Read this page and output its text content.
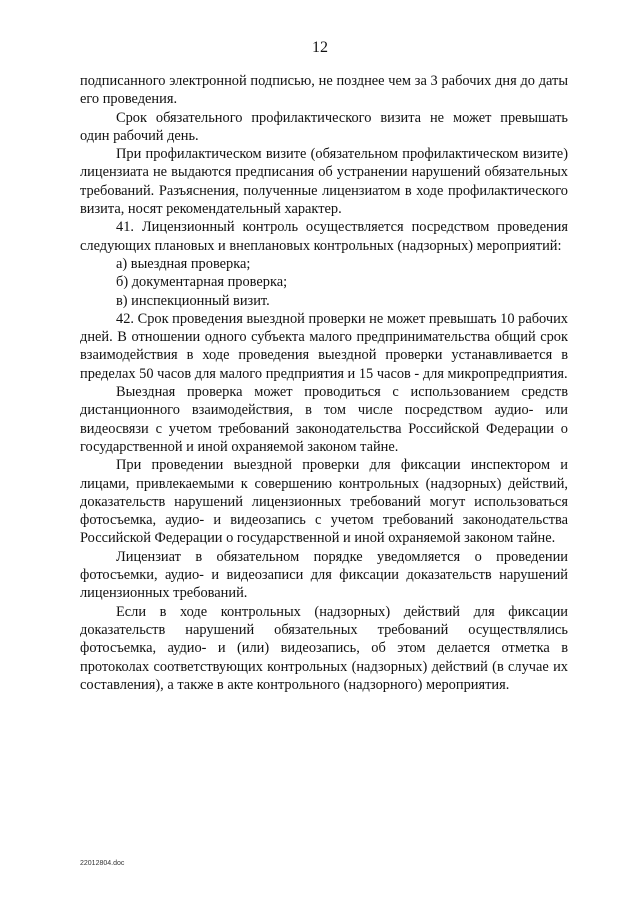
12

подписанного электронной подписью, не позднее чем за 3 рабочих дня до даты его проведения.

Срок обязательного профилактического визита не может превышать один рабочий день.

При профилактическом визите (обязательном профилактическом визите) лицензиата не выдаются предписания об устранении нарушений обязательных требований. Разъяснения, полученные лицензиатом в ходе профилактического визита, носят рекомендательный характер.

41. Лицензионный контроль осуществляется посредством проведения следующих плановых и внеплановых контрольных (надзорных) мероприятий:

а) выездная проверка;

б) документарная проверка;

в) инспекционный визит.

42. Срок проведения выездной проверки не может превышать 10 рабочих дней. В отношении одного субъекта малого предпринимательства общий срок взаимодействия в ходе проведения выездной проверки устанавливается в пределах 50 часов для малого предприятия и 15 часов - для микропредприятия.

Выездная проверка может проводиться с использованием средств дистанционного взаимодействия, в том числе посредством аудио- или видеосвязи с учетом требований законодательства Российской Федерации о государственной и иной охраняемой законом тайне.

При проведении выездной проверки для фиксации инспектором и лицами, привлекаемыми к совершению контрольных (надзорных) действий, доказательств нарушений лицензионных требований могут использоваться фотосъемка, аудио- и видеозапись с учетом требований законодательства Российской Федерации о государственной и иной охраняемой законом тайне.

Лицензиат в обязательном порядке уведомляется о проведении фотосъемки, аудио- и видеозаписи для фиксации доказательств нарушений лицензионных требований.

Если в ходе контрольных (надзорных) действий для фиксации доказательств нарушений обязательных требований осуществлялись фотосъемка, аудио- и (или) видеозапись, об этом делается отметка в протоколах соответствующих контрольных (надзорных) действий (в случае их составления), а также в акте контрольного (надзорного) мероприятия.

22012804.doc
